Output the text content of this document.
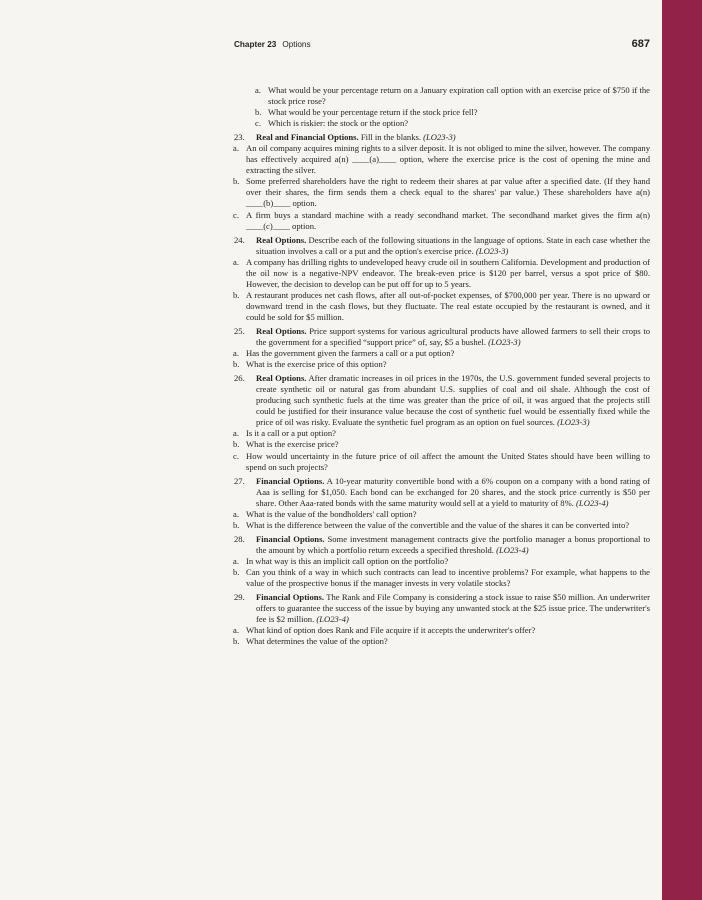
Chapter 23 Options	687
a. What would be your percentage return on a January expiration call option with an exercise price of $750 if the stock price rose?
b. What would be your percentage return if the stock price fell?
c. Which is riskier: the stock or the option?
23. Real and Financial Options. Fill in the blanks. (LO23-3)
a. An oil company acquires mining rights to a silver deposit. It is not obliged to mine the silver, however. The company has effectively acquired a(n) ____(a)____ option, where the exercise price is the cost of opening the mine and extracting the silver.
b. Some preferred shareholders have the right to redeem their shares at par value after a specified date. (If they hand over their shares, the firm sends them a check equal to the shares' par value.) These shareholders have a(n) ____(b)____ option.
c. A firm buys a standard machine with a ready secondhand market. The secondhand market gives the firm a(n) ____(c)____ option.
24. Real Options. Describe each of the following situations in the language of options. State in each case whether the situation involves a call or a put and the option's exercise price. (LO23-3)
a. A company has drilling rights to undeveloped heavy crude oil in southern California. Development and production of the oil now is a negative-NPV endeavor. The break-even price is $120 per barrel, versus a spot price of $80. However, the decision to develop can be put off for up to 5 years.
b. A restaurant produces net cash flows, after all out-of-pocket expenses, of $700,000 per year. There is no upward or downward trend in the cash flows, but they fluctuate. The real estate occupied by the restaurant is owned, and it could be sold for $5 million.
25. Real Options. Price support systems for various agricultural products have allowed farmers to sell their crops to the government for a specified “support price” of, say, $5 a bushel. (LO23-3)
a. Has the government given the farmers a call or a put option?
b. What is the exercise price of this option?
26. Real Options. After dramatic increases in oil prices in the 1970s, the U.S. government funded several projects to create synthetic oil or natural gas from abundant U.S. supplies of coal and oil shale. Although the cost of producing such synthetic fuels at the time was greater than the price of oil, it was argued that the projects still could be justified for their insurance value because the cost of synthetic fuel would be essentially fixed while the price of oil was risky. Evaluate the synthetic fuel program as an option on fuel sources. (LO23-3)
a. Is it a call or a put option?
b. What is the exercise price?
c. How would uncertainty in the future price of oil affect the amount the United States should have been willing to spend on such projects?
27. Financial Options. A 10-year maturity convertible bond with a 6% coupon on a company with a bond rating of Aaa is selling for $1,050. Each bond can be exchanged for 20 shares, and the stock price currently is $50 per share. Other Aaa-rated bonds with the same maturity would sell at a yield to maturity of 8%. (LO23-4)
a. What is the value of the bondholders' call option?
b. What is the difference between the value of the convertible and the value of the shares it can be converted into?
28. Financial Options. Some investment management contracts give the portfolio manager a bonus proportional to the amount by which a portfolio return exceeds a specified threshold. (LO23-4)
a. In what way is this an implicit call option on the portfolio?
b. Can you think of a way in which such contracts can lead to incentive problems? For example, what happens to the value of the prospective bonus if the manager invests in very volatile stocks?
29. Financial Options. The Rank and File Company is considering a stock issue to raise $50 million. An underwriter offers to guarantee the success of the issue by buying any unwanted stock at the $25 issue price. The underwriter's fee is $2 million. (LO23-4)
a. What kind of option does Rank and File acquire if it accepts the underwriter's offer?
b. What determines the value of the option?
